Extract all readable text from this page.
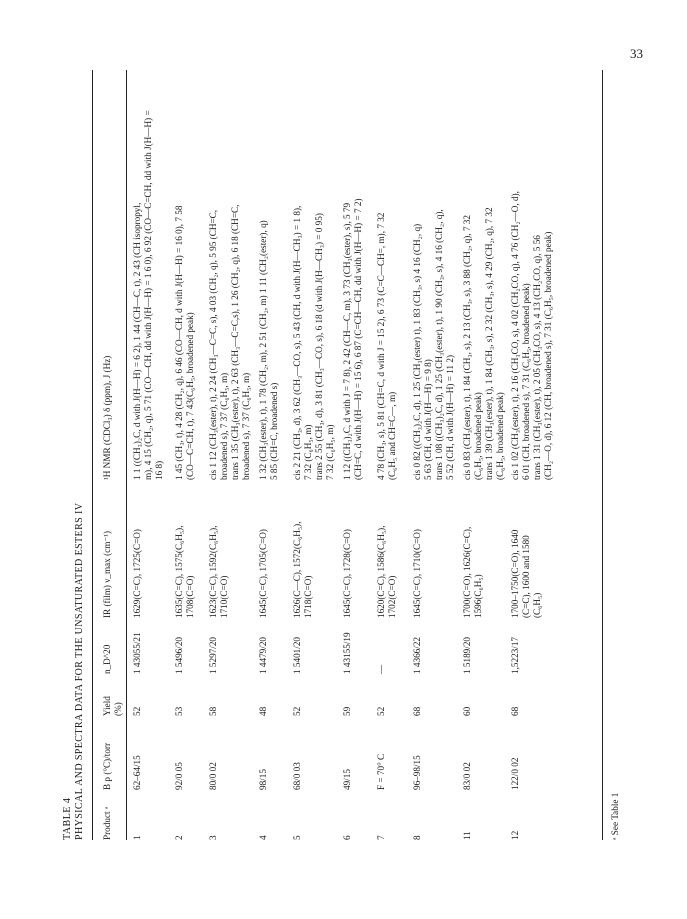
33
TABLE 4 PHYSICAL AND SPECTRA DATA FOR THE UNSATURATED ESTERS IV Product ᵃ
B p (°C)/torr
Yield (%)
n_D^20
IR (film) ν_max (cm⁻¹)
¹H NMR (CDCl₃) δ (ppm), J (Hz)
1
62–64/15
52
1 43055/21
1629(C=C), 1725(C=O)
1 1 ((CH₃)₂C, d with J(H—H) = 6 2), 1 44 (CH—C, t), 2 43 (CH isopropyl, m), 4 15 (CH₂, q), 5 71 (CO—CH, dd with J(H—H) = 1 6 0), 6 92 (CO—C=CH, dd with J(H—H) = 16 8)
2
92/0 05
53
1 5496/20
1635(C=C), 1575(C₆H₅), 1708(C=O)
1 45 (CH₃, t), 4 28 (CH₂, q), 6 46 (CO—CH, d with J(H—H) = 16 0), 7 58 (CO—C=CH, t), 7 43(C₆H₅, broadened peak)
3
80/0 02
58
1 5297/20
1623(C=C), 1592(C₆H₅), 1710(C=O)
cis 1 12 (CH₃(ester), t), 2 24 (CH₃—C=C, s), 4 03 (CH₂, q), 5 95 (CH=C, broadened s), 7 37 (C₆H₅, m) trans 1 35 (CH₃(ester), t), 2 63 (CH₃—C=C,s), 1 26 (CH₂, q), 6 18 (CH=C, broadened s), 7 37 (C₆H₅, m)
4
98/15
48
1 4479/20
1645(C=C), 1705(C=O)
1 32 (CH₃(ester), t), 1 78 (CH₂, m), 2 51 (CH₂, m) 1 11 (CH₂(ester), q) 5 85 (CH=C, broadened s)
5
68/0 03
52
1 5401/20
1626(C—C), 1572(C₆H₅), 1718(C=O)
cis 2 21 (CH₃, d), 3 62 (CH₃—CO, s), 5 43 (CH, d with J(H—CH₃) = 1 8), 7 32 (C₆H₅, m) trans 2 55 (CH₃, d), 3 81 (CH₃—CO, s), 6 18 (d with J(H—CH₃) = 0 95) 7 32 (C₆H₅, m)
6
49/15
59
1 43155/19
1645(C=C), 1728(C=O)
1 12 ((CH₃)₂C, d with J = 7 8), 2 42 (CH—C, m), 3 73 (CH₃(ester), s), 5 79 (CH=C, d with J(H—H) = 15 6), 6 87 (C=CH—CH, dd with J(H—H) = 7 2)
7
F = 70° C
52
—
1620(C=C), 1586(C₆H₅), 1702(C=O)
4 78 (CH₃, s), 5 81 (CH=C, d with J = 15 2), 6 73 (C=C—CH=, m), 7 32 (C₆H₅ and CH=C—, m)
8
96–98/15
68
1 4366/22
1645(C=C), 1710(C=O)
cis 0 82 ((CH₃)₂C, d), 1 25 (CH₃(ester) t), 1 83 (CH₃, s) 4 16 (CH₂, q) 5 63 (CH, d with J(H—H) = 9 8) trans 1 08 ((CH₃)₂C, d), 1 25 (CH₃(ester), t), 1 90 (CH₃, s), 4 16 (CH₂, q), 5 52 (CH, d with J(H—H) = 11 2)
11
83/0 02
60
1 5189/20
1700(C=O), 1626(C=C), 1596(C₆H₅)
cis 0 83 (CH₃(ester), t), 1 84 (CH₃, s), 2 13 (CH₃, s), 3 88 (CH₂, q), 7 32 (C₆H₅, broadened peak) trans 1 39 (CH₃(ester), t), 1 84 (CH₃, s), 2 32 (CH₃, s), 4 29 (CH₂, q), 7 32 (C₆H₅, broadened peak)
12
122/0 02
68
1,5223/17
1700–1750(C=O), 1640 (C=C), 1600 and 1580 (C₆H₅)
cis 1 02 (CH₃(ester), t), 2 16 (CH₃CO, s), 4 02 (CH₂CO, q), 4 76 (CH₂—O, d), 6 01 (CH, broadened s), 7 31 (C₆H₅, broadened peak) trans 1 31 (CH₃(ester), t), 2 05 (CH₃CO, s), 4 13 (CH₂CO, q), 5 56 (CH₂—O, d), 6 12 (CH, broadened s), 7 31 (C₆H₅, broadened peak)
ᵃ See Table 1
